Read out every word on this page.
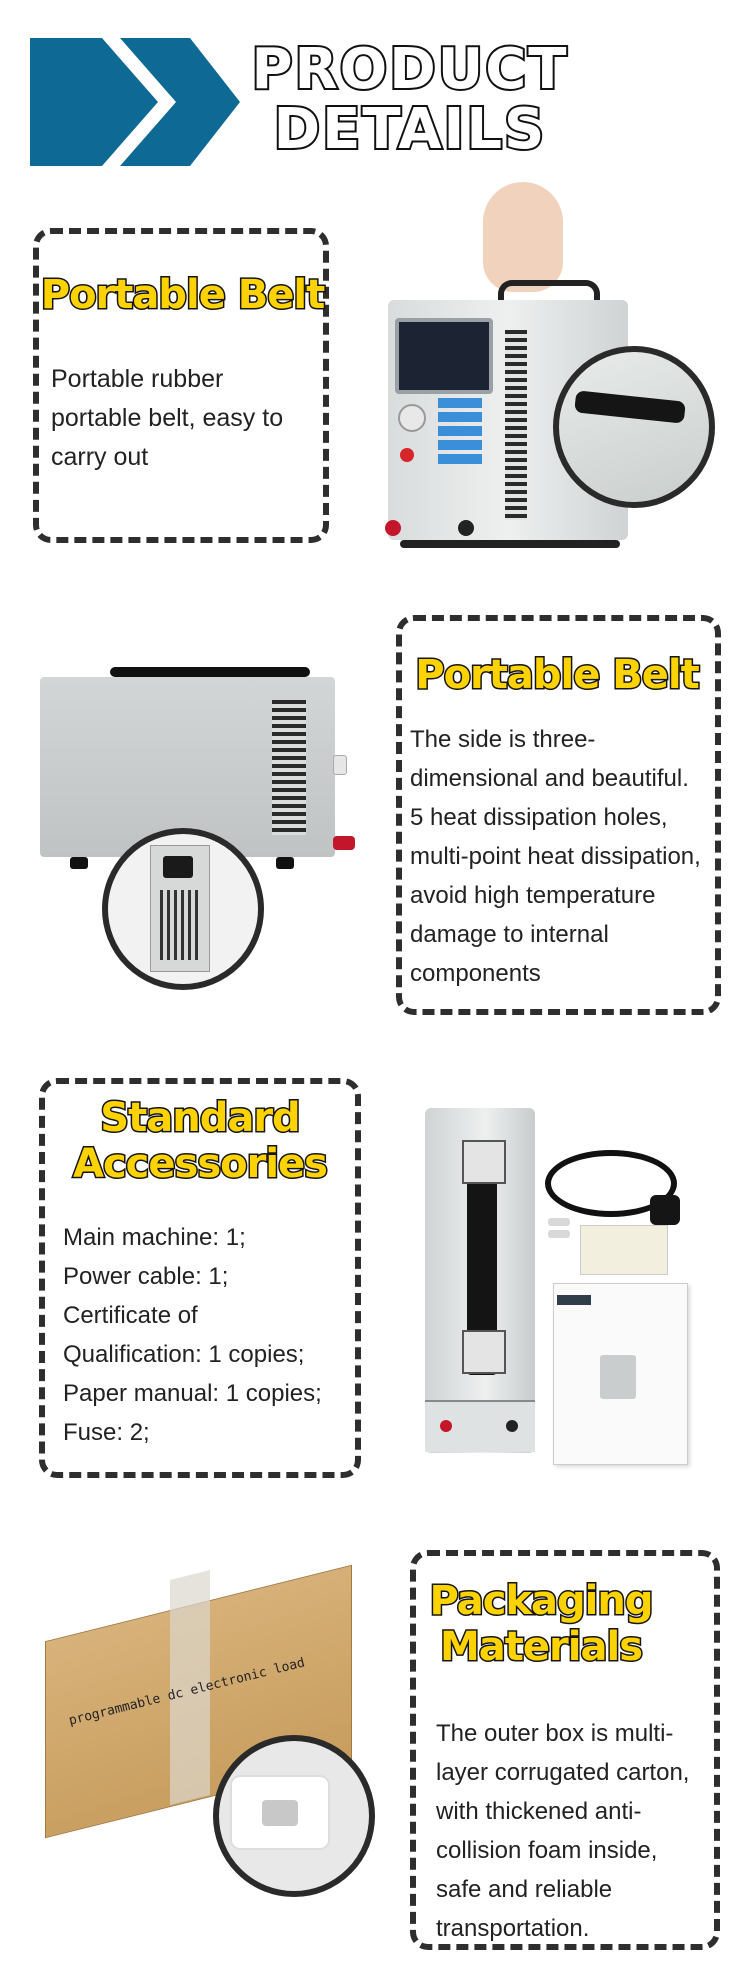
PRODUCT
DETAILS
Portable Belt
Portable rubber
portable belt, easy to
carry out
Portable Belt
The side is three-
dimensional and beautiful.
5 heat dissipation holes,
multi-point heat dissipation,
avoid high temperature
damage to internal
components
Standard
Accessories
Main machine: 1;
Power cable: 1;
Certificate of
Qualification: 1 copies;
Paper manual: 1 copies;
Fuse: 2;
programmable dc electronic load
Packaging
Materials
The outer box is multi-
layer corrugated carton,
with thickened anti-
collision foam inside,
safe and reliable
transportation.
